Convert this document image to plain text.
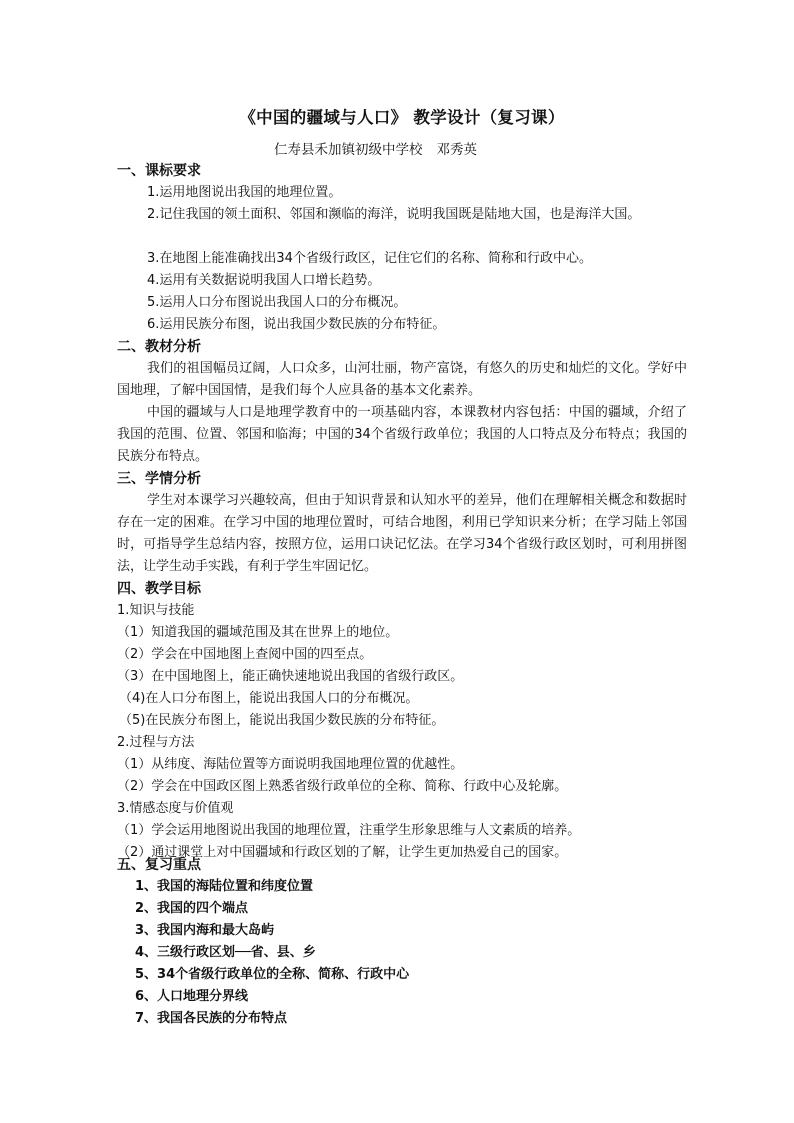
《中国的疆域与人口》 教学设计（复习课）
仁寿县禾加镇初级中学校 邓秀英
一、课标要求
1.运用地图说出我国的地理位置。
2.记住我国的领土面积、邻国和濒临的海洋，说明我国既是陆地大国，也是海洋大国。
3.在地图上能准确找出34个省级行政区，记住它们的名称、简称和行政中心。
4.运用有关数据说明我国人口增长趋势。
5.运用人口分布图说出我国人口的分布概况。
6.运用民族分布图，说出我国少数民族的分布特征。
二、教材分析
我们的祖国幅员辽阔，人口众多，山河壮丽，物产富饶，有悠久的历史和灿烂的文化。学好中国地理，了解中国国情，是我们每个人应具备的基本文化素养。
中国的疆域与人口是地理学教育中的一项基础内容，本课教材内容包括：中国的疆域，介绍了我国的范围、位置、邻国和临海；中国的34个省级行政单位；我国的人口特点及分布特点；我国的民族分布特点。
三、学情分析
学生对本课学习兴趣较高，但由于知识背景和认知水平的差异，他们在理解相关概念和数据时存在一定的困难。在学习中国的地理位置时，可结合地图，利用已学知识来分析；在学习陆上邻国时，可指导学生总结内容，按照方位，运用口诀记忆法。在学习34个省级行政区划时，可利用拼图法，让学生动手实践，有利于学生牢固记忆。
四、教学目标
1.知识与技能
（1）知道我国的疆域范围及其在世界上的地位。
（2）学会在中国地图上查阅中国的四至点。
（3）在中国地图上，能正确快速地说出我国的省级行政区。
（4)在人口分布图上，能说出我国人口的分布概况。
（5)在民族分布图上，能说出我国少数民族的分布特征。
2.过程与方法
（1）从纬度、海陆位置等方面说明我国地理位置的优越性。
（2）学会在中国政区图上熟悉省级行政单位的全称、简称、行政中心及轮廓。
3.情感态度与价值观
（1）学会运用地图说出我国的地理位置，注重学生形象思维与人文素质的培养。
（2）通过课堂上对中国疆域和行政区划的了解，让学生更加热爱自己的国家。
五、复习重点
1、我国的海陆位置和纬度位置
2、我国的四个端点
3、我国内海和最大岛屿
4、三级行政区划──省、县、乡
5、34个省级行政单位的全称、简称、行政中心
6、人口地理分界线
7、我国各民族的分布特点
